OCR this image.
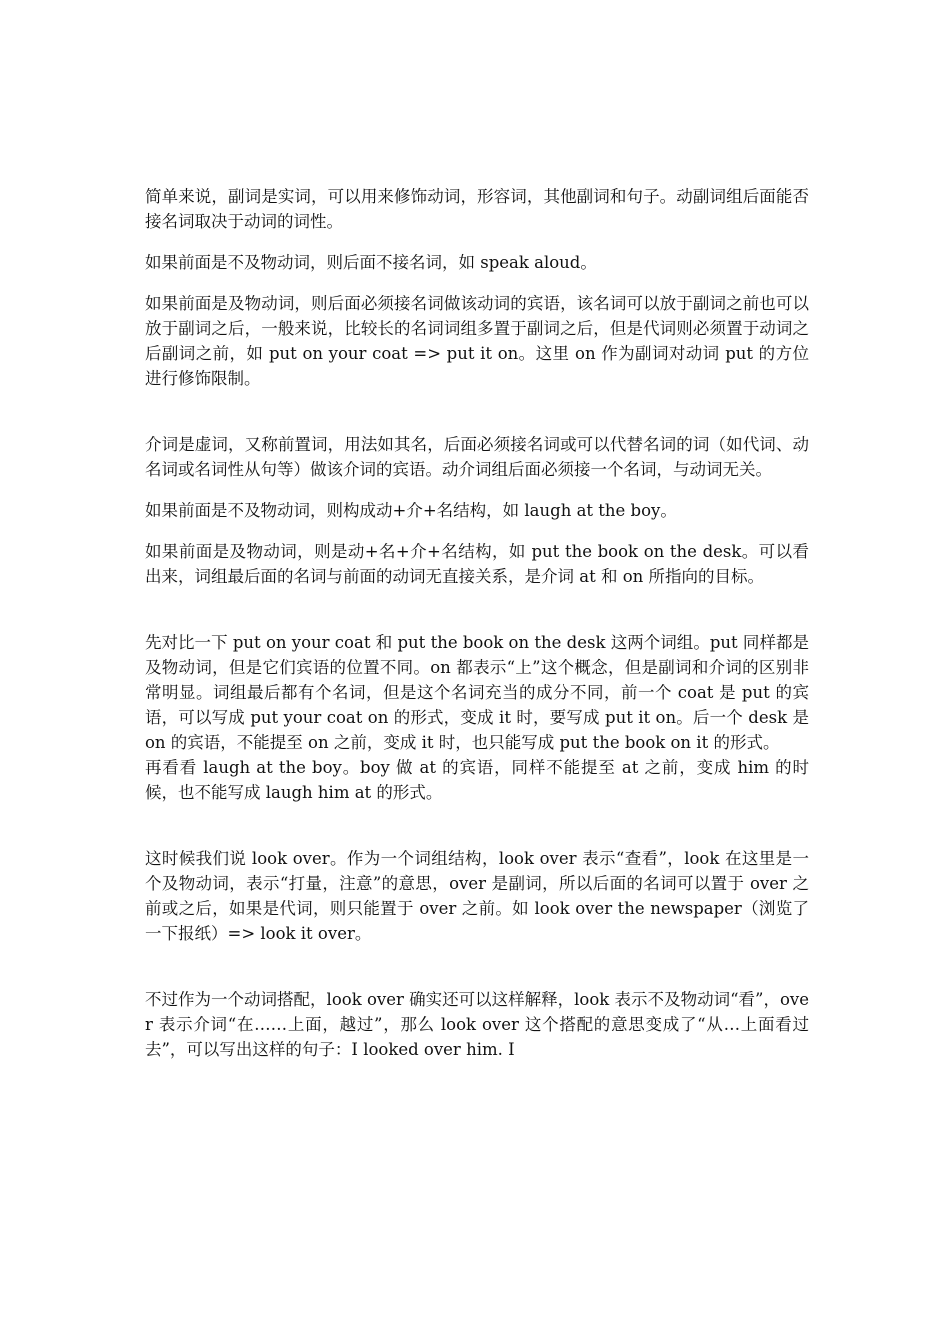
简单来说，副词是实词，可以用来修饰动词，形容词，其他副词和句子。动副词组后面能否接名词取决于动词的词性。

如果前面是不及物动词，则后面不接名词，如 speak aloud。

如果前面是及物动词，则后面必须接名词做该动词的宾语，该名词可以放于副词之前也可以放于副词之后，一般来说，比较长的名词词组多置于副词之后，但是代词则必须置于动词之后副词之前，如 put on your coat => put it on。这里 on 作为副词对动词 put 的方位进行修饰限制。

介词是虚词，又称前置词，用法如其名，后面必须接名词或可以代替名词的词（如代词、动名词或名词性从句等）做该介词的宾语。动介词组后面必须接一个名词，与动词无关。

如果前面是不及物动词，则构成动+介+名结构，如 laugh at the boy。

如果前面是及物动词，则是动+名+介+名结构，如 put the book on the desk。可以看出来，词组最后面的名词与前面的动词无直接关系，是介词 at 和 on 所指向的目标。

先对比一下 put on your coat 和 put the book on the desk 这两个词组。put 同样都是及物动词，但是它们宾语的位置不同。on 都表示“上”这个概念，但是副词和介词的区别非常明显。词组最后都有个名词，但是这个名词充当的成分不同，前一个 coat 是 put 的宾语，可以写成 put your coat on 的形式，变成 it 时，要写成 put it on。后一个 desk 是 on 的宾语，不能提至 on 之前，变成 it 时，也只能写成 put the book on it 的形式。

再看看 laugh at the boy。boy 做 at 的宾语，同样不能提至 at 之前，变成 him 的时候，也不能写成 laugh him at 的形式。

这时候我们说 look over。作为一个词组结构，look over 表示“查看”，look 在这里是一个及物动词，表示“打量，注意”的意思，over 是副词，所以后面的名词可以置于 over 之前或之后，如果是代词，则只能置于 over 之前。如 look over the newspaper（浏览了一下报纸）=> look it over。

不过作为一个动词搭配，look over 确实还可以这样解释，look 表示不及物动词“看”，over 表示介词“在……上面，越过”，那么 look over 这个搭配的意思变成了“从…上面看过去”，可以写出这样的句子：I looked over him. I
